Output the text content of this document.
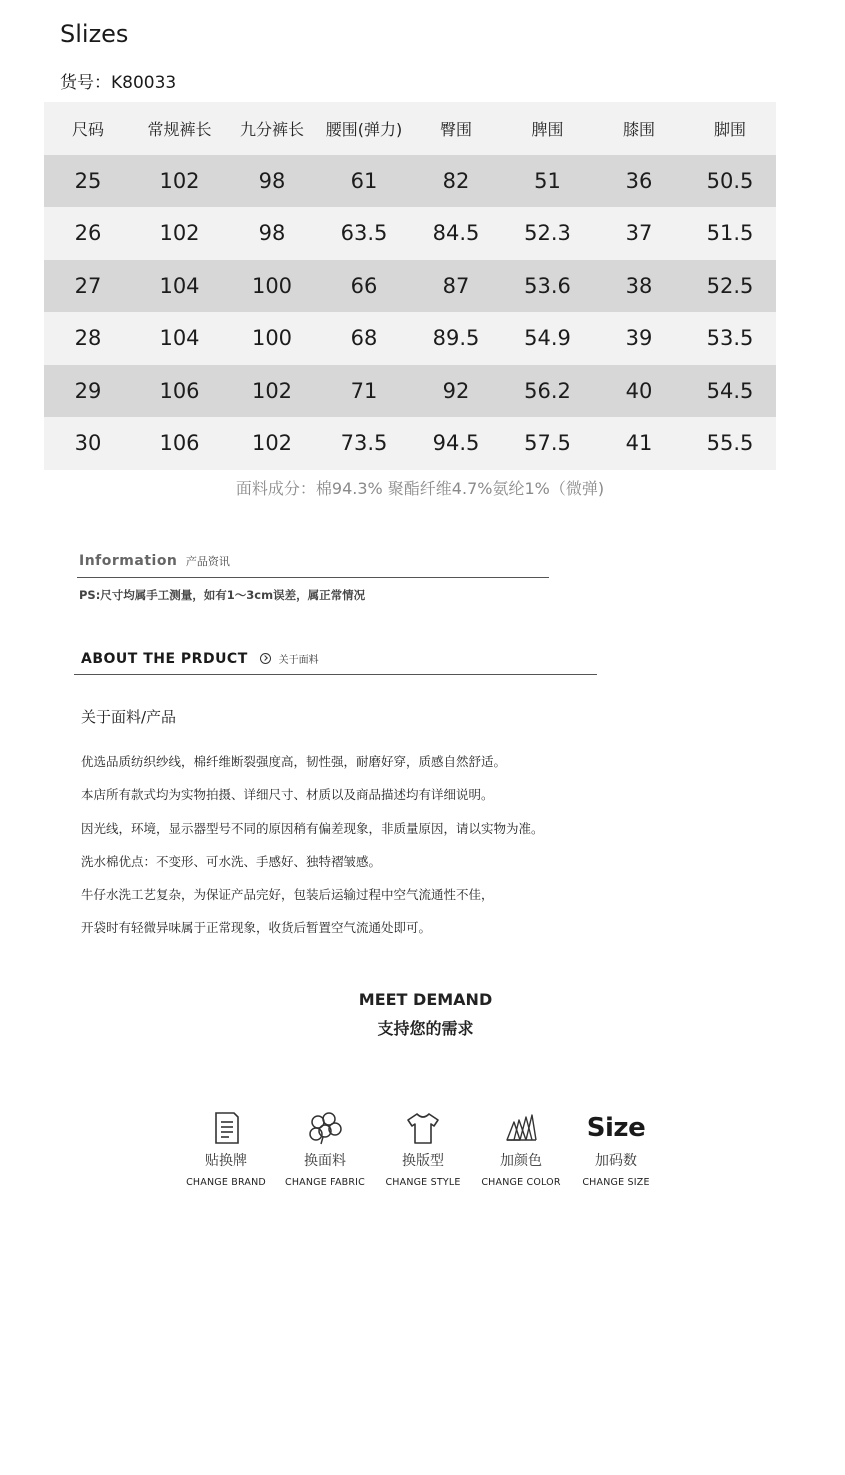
Slizes
货号：K80033
尺码	常规裤长	九分裤长	腰围(弹力)	臀围	脾围	膝围	脚围
25	102	98	61	82	51	36	50.5
26	102	98	63.5	84.5	52.3	37	51.5
27	104	100	66	87	53.6	38	52.5
28	104	100	68	89.5	54.9	39	53.5
29	106	102	71	92	56.2	40	54.5
30	106	102	73.5	94.5	57.5	41	55.5
面料成分：棉94.3% 聚酯纤维4.7%氨纶1%（微弹)
Information 产品资讯
PS:尺寸均属手工测量，如有1～3cm误差，属正常情况
ABOUT THE PRDUCT	关于面料
关于面料/产品
优选品质纺织纱线，棉纤维断裂强度高，韧性强，耐磨好穿，质感自然舒适。
本店所有款式均为实物拍摄、详细尺寸、材质以及商品描述均有详细说明。
因光线，环境，显示器型号不同的原因稍有偏差现象，非质量原因，请以实物为准。
洗水棉优点：不变形、可水洗、手感好、独特褶皱感。
牛仔水洗工艺复杂，为保证产品完好，包装后运输过程中空气流通性不佳，
开袋时有轻微异味属于正常现象，收货后暂置空气流通处即可。
MEET DEMAND
支持您的需求
贴换牌
CHANGE BRAND
换面料
CHANGE FABRIC
换版型
CHANGE STYLE
加颜色
CHANGE COLOR
Size
加码数
CHANGE SIZE
